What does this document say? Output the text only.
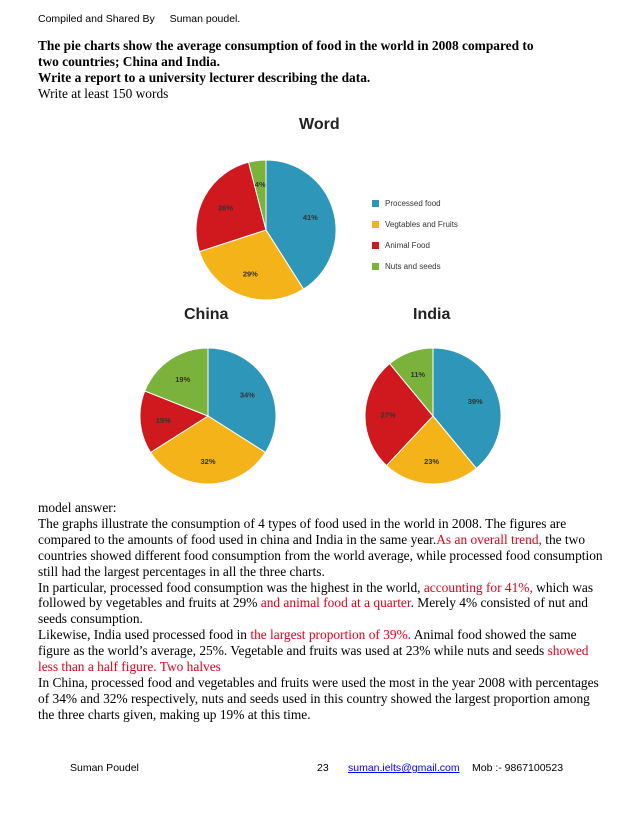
Compiled and Shared By Suman poudel.
The pie charts show the average consumption of food in the world in 2008 compared to
two countries; China and India.
Write a report to a university lecturer describing the data.
Write at least 150 words
Word
China	India
41%
29%
26%
4%
34%
32%
15%
19%
39%
23%
27%
11%
Processed food
Vegtables and Fruits
Animal Food
Nuts and seeds

model answer:

The graphs illustrate the consumption of 4 types of food used in the world in 2008. The figures are compared to the amounts of food used in china and India in the same year.As an overall trend, the two countries showed different food consumption from the world average, while processed food consumption still had the largest percentages in all the three charts.

In particular, processed food consumption was the highest in the world, accounting for 41%, which was followed by vegetables and fruits at 29% and animal food at a quarter. Merely 4% consisted of nut and seeds consumption.

Likewise, India used processed food in the largest proportion of 39%. Animal food showed the same figure as the world’s average, 25%. Vegetable and fruits was used at 23% while nuts and seeds showed less than a half figure. Two halves

In China, processed food and vegetables and fruits were used the most in the year 2008 with percentages of 34% and 32% respectively, nuts and seeds used in this country showed the largest proportion among the three charts given, making up 19% at this time.

Suman Poudel	23 suman.ielts@gmail.com Mob :- 9867100523
